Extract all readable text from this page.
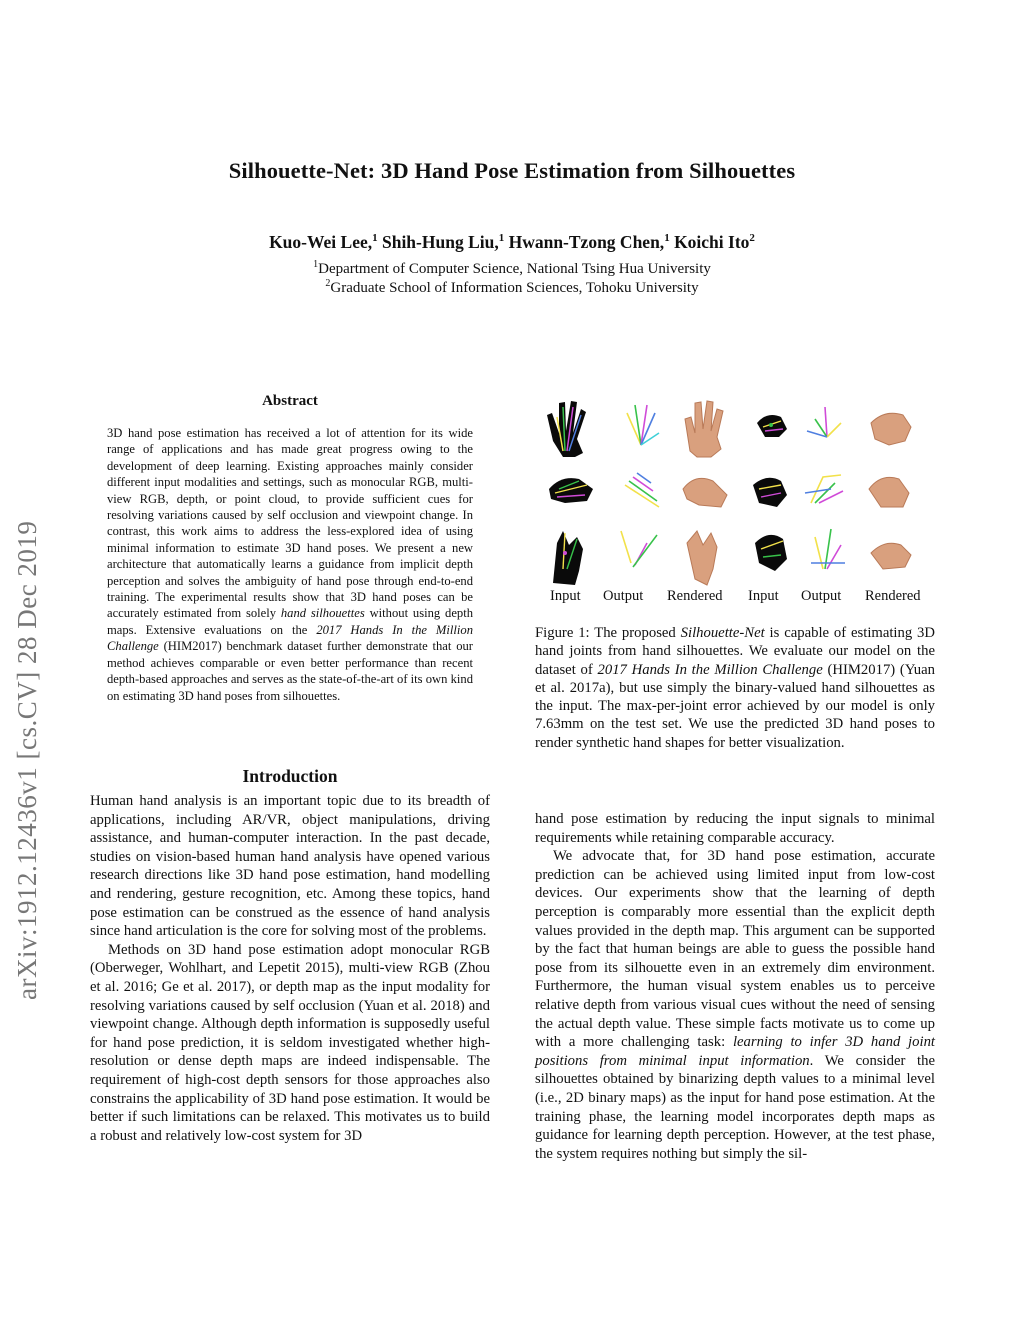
Silhouette-Net: 3D Hand Pose Estimation from Silhouettes
Kuo-Wei Lee,$^1$ Shih-Hung Liu,$^1$ Hwann-Tzong Chen,$^1$ Koichi Ito$^2$
$^1$Department of Computer Science, National Tsing Hua University
$^2$Graduate School of Information Sciences, Tohoku University
arXiv:1912.12436v1 [cs.CV] 28 Dec 2019
Abstract
3D hand pose estimation has received a lot of attention for its wide range of applications and has made great progress owing to the development of deep learning. Existing approaches mainly consider different input modalities and settings, such as monocular RGB, multi-view RGB, depth, or point cloud, to provide sufficient cues for resolving variations caused by self occlusion and viewpoint change. In contrast, this work aims to address the less-explored idea of using minimal information to estimate 3D hand poses. We present a new architecture that automatically learns a guidance from implicit depth perception and solves the ambiguity of hand pose through end-to-end training. The experimental results show that 3D hand poses can be accurately estimated from solely hand silhouettes without using depth maps. Extensive evaluations on the 2017 Hands In the Million Challenge (HIM2017) benchmark dataset further demonstrate that our method achieves comparable or even better performance than recent depth-based approaches and serves as the state-of-the-art of its own kind on estimating 3D hand poses from silhouettes.
Introduction

Human hand analysis is an important topic due to its breadth of applications, including AR/VR, object manipulations, driving assistance, and human-computer interaction. In the past decade, studies on vision-based human hand analysis have opened various research directions like 3D hand pose estimation, hand modelling and rendering, gesture recognition, etc. Among these topics, hand pose estimation can be construed as the essence of hand analysis since hand articulation is the core for solving most of the problems.

Methods on 3D hand pose estimation adopt monocular RGB (Oberweger, Wohlhart, and Lepetit 2015), multi-view RGB (Zhou et al. 2016; Ge et al. 2017), or depth map as the input modality for resolving variations caused by self occlusion (Yuan et al. 2018) and viewpoint change. Although depth information is supposedly useful for hand pose prediction, it is seldom investigated whether high-resolution or dense depth maps are indeed indispensable. The requirement of high-cost depth sensors for those approaches also constrains the applicability of 3D hand pose estimation. It would be better if such limitations can be relaxed. This motivates us to build a robust and relatively low-cost system for 3D

Input Output Rendered Input Output Rendered
Figure 1: The proposed Silhouette-Net is capable of estimating 3D hand joints from hand silhouettes. We evaluate our model on the dataset of 2017 Hands In the Million Challenge (HIM2017) (Yuan et al. 2017a), but use simply the binary-valued hand silhouettes as the input. The max-per-joint error achieved by our model is only 7.63mm on the test set. We use the predicted 3D hand poses to render synthetic hand shapes for better visualization.

hand pose estimation by reducing the input signals to minimal requirements while retaining comparable accuracy.

We advocate that, for 3D hand pose estimation, accurate prediction can be achieved using limited input from low-cost devices. Our experiments show that the learning of depth perception is comparably more essential than the explicit depth values provided in the depth map. This argument can be supported by the fact that human beings are able to guess the possible hand pose from its silhouette even in an extremely dim environment. Furthermore, the human visual system enables us to perceive relative depth from various visual cues without the need of sensing the actual depth value. These simple facts motivate us to come up with a more challenging task: learning to infer 3D hand joint positions from minimal input information. We consider the silhouettes obtained by binarizing depth values to a minimal level (i.e., 2D binary maps) as the input for hand pose estimation. At the training phase, the learning model incorporates depth maps as guidance for learning depth perception. However, at the test phase, the system requires nothing but simply the sil-
